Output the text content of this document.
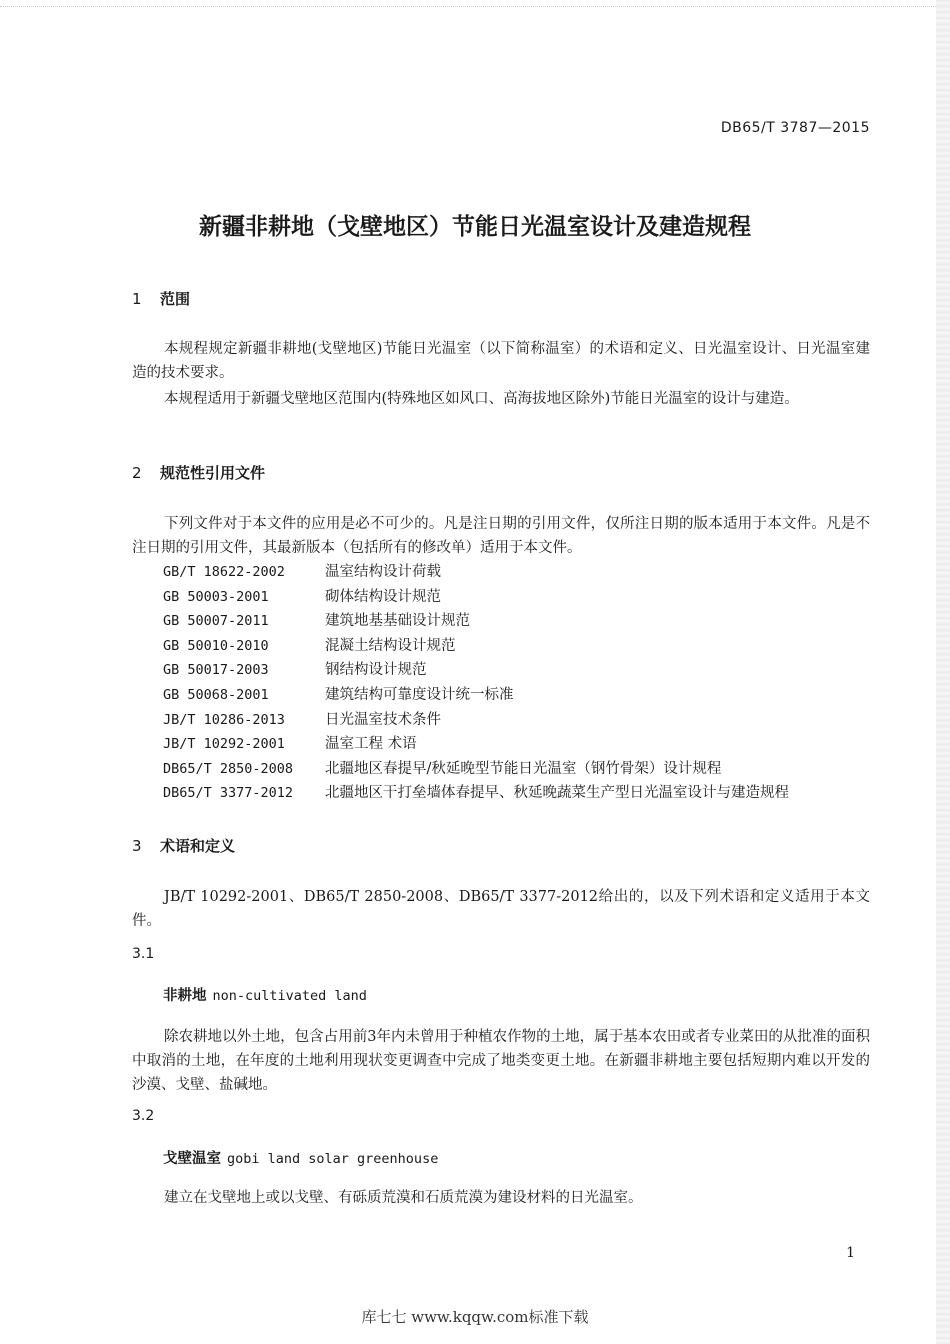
DB65/T 3787—2015
新疆非耕地（戈壁地区）节能日光温室设计及建造规程
1 范围
本规程规定新疆非耕地(戈壁地区)节能日光温室（以下简称温室）的术语和定义、日光温室设计、日光温室建造的技术要求。
本规程适用于新疆戈壁地区范围内(特殊地区如风口、高海拔地区除外)节能日光温室的设计与建造。
2 规范性引用文件
下列文件对于本文件的应用是必不可少的。凡是注日期的引用文件，仅所注日期的版本适用于本文件。凡是不注日期的引用文件，其最新版本（包括所有的修改单）适用于本文件。
GB/T 18622-2002	温室结构设计荷载
GB 50003-2001	砌体结构设计规范
GB 50007-2011	建筑地基基础设计规范
GB 50010-2010	混凝土结构设计规范
GB 50017-2003	钢结构设计规范
GB 50068-2001	建筑结构可靠度设计统一标准
JB/T 10286-2013	日光温室技术条件
JB/T 10292-2001	温室工程 术语
DB65/T 2850-2008 北疆地区春提早/秋延晚型节能日光温室（钢竹骨架）设计规程
DB65/T 3377-2012 北疆地区干打垒墙体春提早、秋延晚蔬菜生产型日光温室设计与建造规程
3 术语和定义
JB/T 10292-2001、DB65/T 2850-2008、DB65/T 3377-2012给出的，以及下列术语和定义适用于本文件。
3.1
非耕地 non-cultivated land
除农耕地以外土地，包含占用前3年内未曾用于种植农作物的土地，属于基本农田或者专业菜田的从批准的面积中取消的土地，在年度的土地利用现状变更调查中完成了地类变更土地。在新疆非耕地主要包括短期内难以开发的沙漠、戈壁、盐碱地。
3.2
戈壁温室 gobi land solar greenhouse
建立在戈壁地上或以戈壁、有砾质荒漠和石质荒漠为建设材料的日光温室。
1
库七七 www.kqqw.com标准下载
